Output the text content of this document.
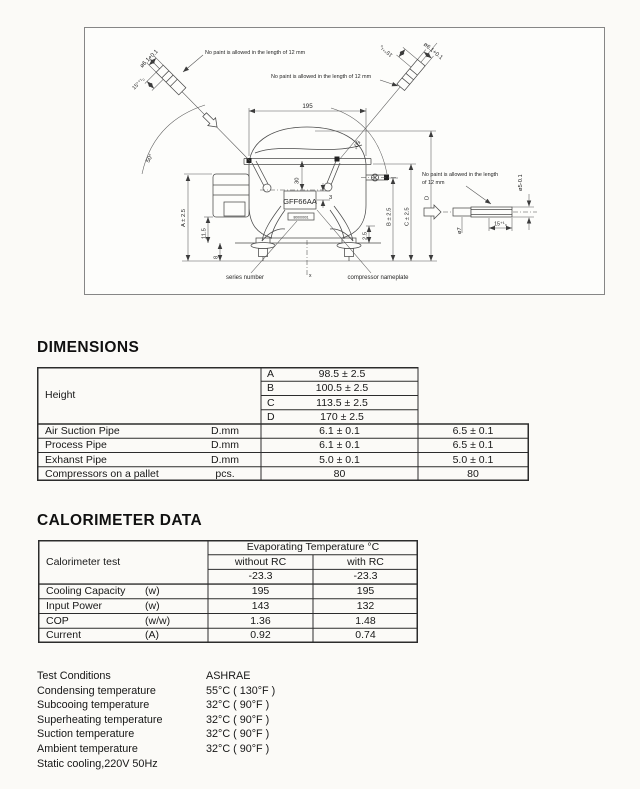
No paint is allowed in the length of 12 mm
No paint is allowed in the length of 12 mm
No paint is allowed in the length
of 12 mm
195
30
3
A ± 2.5
11.5
8
2.5
B ± 2.5 C ± 2.5
D
50°
50°
ø6.1+0.1
15°⁺¹₀
ø6.1+0.1
15°⁺¹₀
ø7
15⁺¹₀
ø5-0.1
GFF66AA
80000001
series number	compressor nameplate
x
DIMENSIONS
Height
A	98.5 ± 2.5
B	100.5 ± 2.5
C	113.5 ± 2.5
D	170 ± 2.5
Air Suction Pipe	D.mm	6.1 ± 0.1	6.5 ± 0.1
Process Pipe	D.mm	6.1 ± 0.1	6.5 ± 0.1
Exhanst Pipe	D.mm	5.0 ± 0.1	5.0 ± 0.1
Compressors on a pallet	pcs.	80	80
CALORIMETER DATA
Calorimeter test
Evaporating Temperature °C
without RC	with RC
-23.3	-23.3
Cooling Capacity (w)	195	195
Input Power	(w)	143	132
COP	(w/w)	1.36	1.48
Current	(A)	0.92	0.74
Test Conditions	ASHRAE
Condensing temperature	55°C ( 130°F )
Subcooing temperature	32°C ( 90°F )
Superheating temperature	32°C ( 90°F )
Suction temperature	32°C ( 90°F )
Ambient temperature	32°C ( 90°F )
Static cooling,220V 50Hz
